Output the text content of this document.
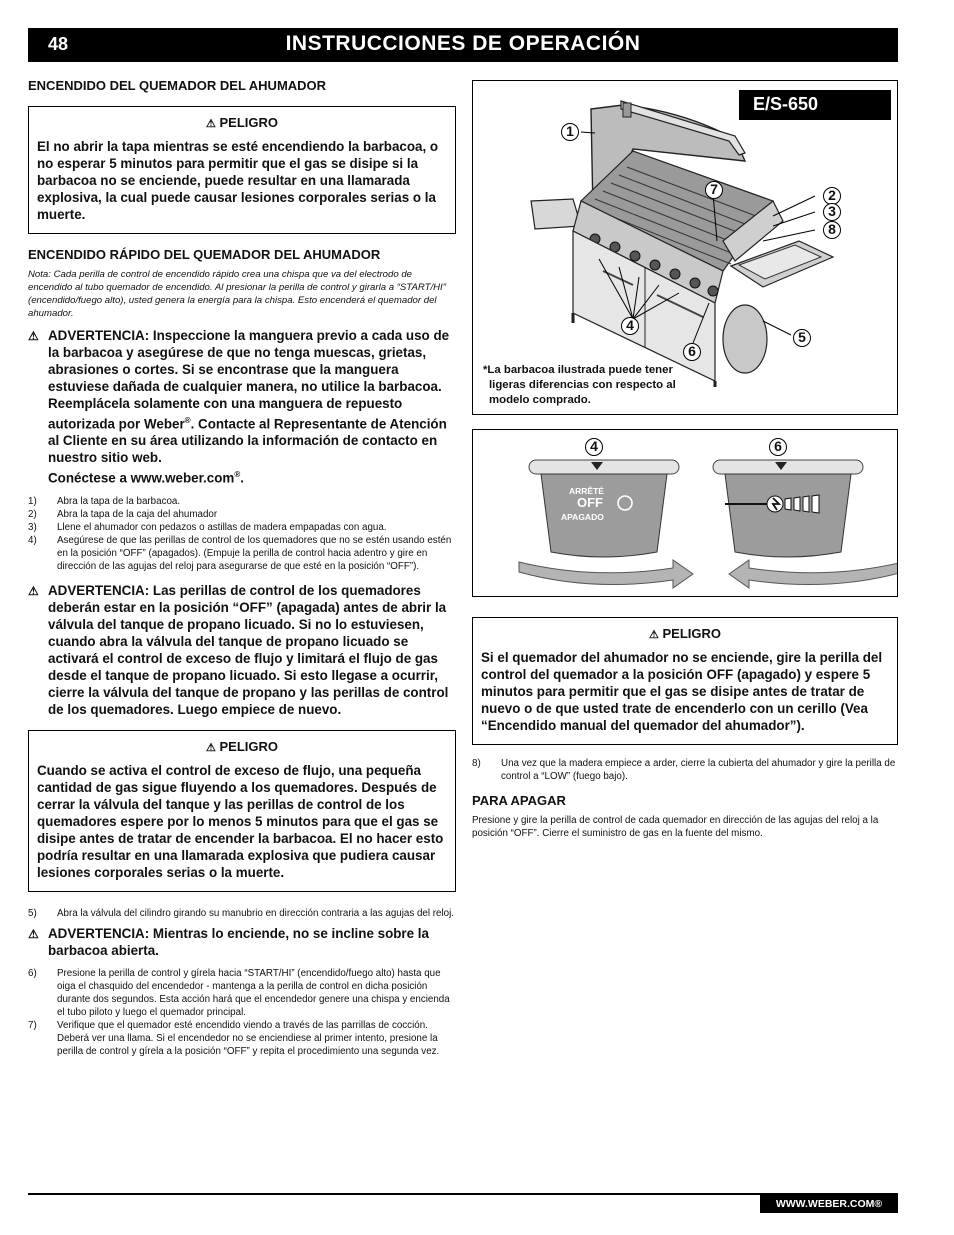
48	INSTRUCCIONES DE OPERACIÓN
ENCENDIDO DEL QUEMADOR DEL AHUMADOR
⚠ PELIGRO
El no abrir la tapa mientras se esté encendiendo la barbacoa, o no esperar 5 minutos para permitir que el gas se disipe si la barbacoa no se enciende, puede resultar en una llamarada explosiva, la cual puede causar lesiones corporales serias o la muerte.
ENCENDIDO RÁPIDO DEL QUEMADOR DEL AHUMADOR
Nota: Cada perilla de control de encendido rápido crea una chispa que va del electrodo de encendido al tubo quemador de encendido. Al presionar la perilla de control y girarla a “START/HI” (encendido/fuego alto), usted genera la energía para la chispa. Esto encenderá el quemador del ahumador.
⚠ ADVERTENCIA: Inspeccione la manguera previo a cada uso de la barbacoa y asegúrese de que no tenga muescas, grietas, abrasiones o cortes. Si se encontrase que la manguera estuviese dañada de cualquier manera, no utilice la barbacoa. Reemplácela solamente con una manguera de repuesto autorizada por Weber®. Contacte al Representante de Atención al Cliente en su área utilizando la información de contacto en nuestro sitio web.
Conéctese a www.weber.com®.
1)	Abra la tapa de la barbacoa.
2)	Abra la tapa de la caja del ahumador
3)	Llene el ahumador con pedazos o astillas de madera empapadas con agua.
4)	Asegúrese de que las perillas de control de los quemadores que no se estén usando estén en la posición “OFF” (apagados). (Empuje la perilla de control hacia adentro y gire en dirección de las agujas del reloj para asegurarse de que esté en la posición “OFF”).
⚠ ADVERTENCIA: Las perillas de control de los quemadores deberán estar en la posición “OFF” (apagada) antes de abrir la válvula del tanque de propano licuado. Si no lo estuviesen, cuando abra la válvula del tanque de propano licuado se activará el control de exceso de flujo y limitará el flujo de gas desde el tanque de propano licuado. Si esto llegase a ocurrir, cierre la válvula del tanque de propano y las perillas de control de los quemadores. Luego empiece de nuevo.
⚠ PELIGRO
Cuando se activa el control de exceso de flujo, una pequeña cantidad de gas sigue fluyendo a los quemadores. Después de cerrar la válvula del tanque y las perillas de control de los quemadores espere por lo menos 5 minutos para que el gas se disipe antes de tratar de encender la barbacoa. El no hacer esto podría resultar en una llamarada explosiva que pudiera causar lesiones corporales serias o la muerte.
5)	Abra la válvula del cilindro girando su manubrio en dirección contraria a las agujas del reloj.
⚠ ADVERTENCIA: Mientras lo enciende, no se incline sobre la barbacoa abierta.
6)	Presione la perilla de control y gírela hacia “START/HI” (encendido/fuego alto) hasta que oiga el chasquido del encendedor - mantenga a la perilla de control en dicha posición durante dos segundos. Esta acción hará que el encendedor genere una chispa y encienda el tubo piloto y luego el quemador principal.
7)	Verifique que el quemador esté encendido viendo a través de las parrillas de cocción. Deberá ver una llama. Si el encendedor no se enciendiese al primer intento, presione la perilla de control y gírela a la posición “OFF” y repita el procedimiento una segunda vez.
E/S-650
1
2
3
8
7
4
6
5
*La barbacoa ilustrada puede tener
ligeras diferencias con respecto al
modelo comprado.
4	6
ARRÊTÉ
OFF
APAGADO
⚠ PELIGRO
Si el quemador del ahumador no se enciende, gire la perilla del control del quemador a la posición OFF (apagado) y espere 5 minutos para permitir que el gas se disipe antes de tratar de nuevo o de que usted trate de encenderlo con un cerillo (Vea “Encendido manual del quemador del ahumador”).
8)	Una vez que la madera empiece a arder, cierre la cubierta del ahumador y gire la perilla de control a “LOW” (fuego bajo).
PARA APAGAR
Presione y gire la perilla de control de cada quemador en dirección de las agujas del reloj a la posición “OFF”. Cierre el suministro de gas en la fuente del mismo.
WWW.WEBER.COM®
